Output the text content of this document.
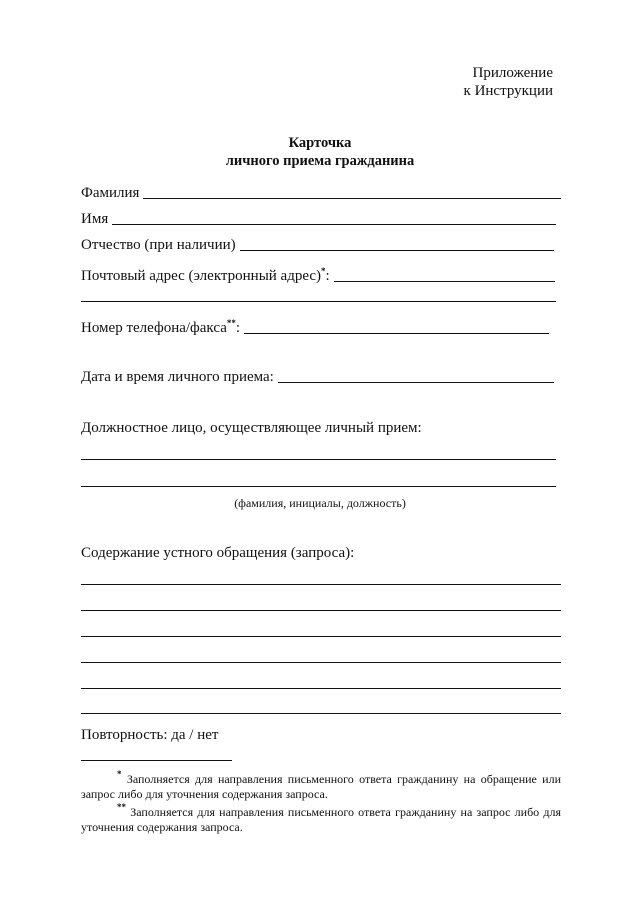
Приложение
к Инструкции
Карточка
личного приема гражданина
Фамилия
Имя
Отчество (при наличии)
Почтовый адрес (электронный адрес)*:
Номер телефона/факса**:
Дата и время личного приема:
Должностное лицо, осуществляющее личный прием:
(фамилия, инициалы, должность)
Содержание устного обращения (запроса):
Повторность: да / нет
* Заполняется для направления письменного ответа гражданину на обращение или запрос либо для уточнения содержания запроса.
** Заполняется для направления письменного ответа гражданину на запрос либо для уточнения содержания запроса.
